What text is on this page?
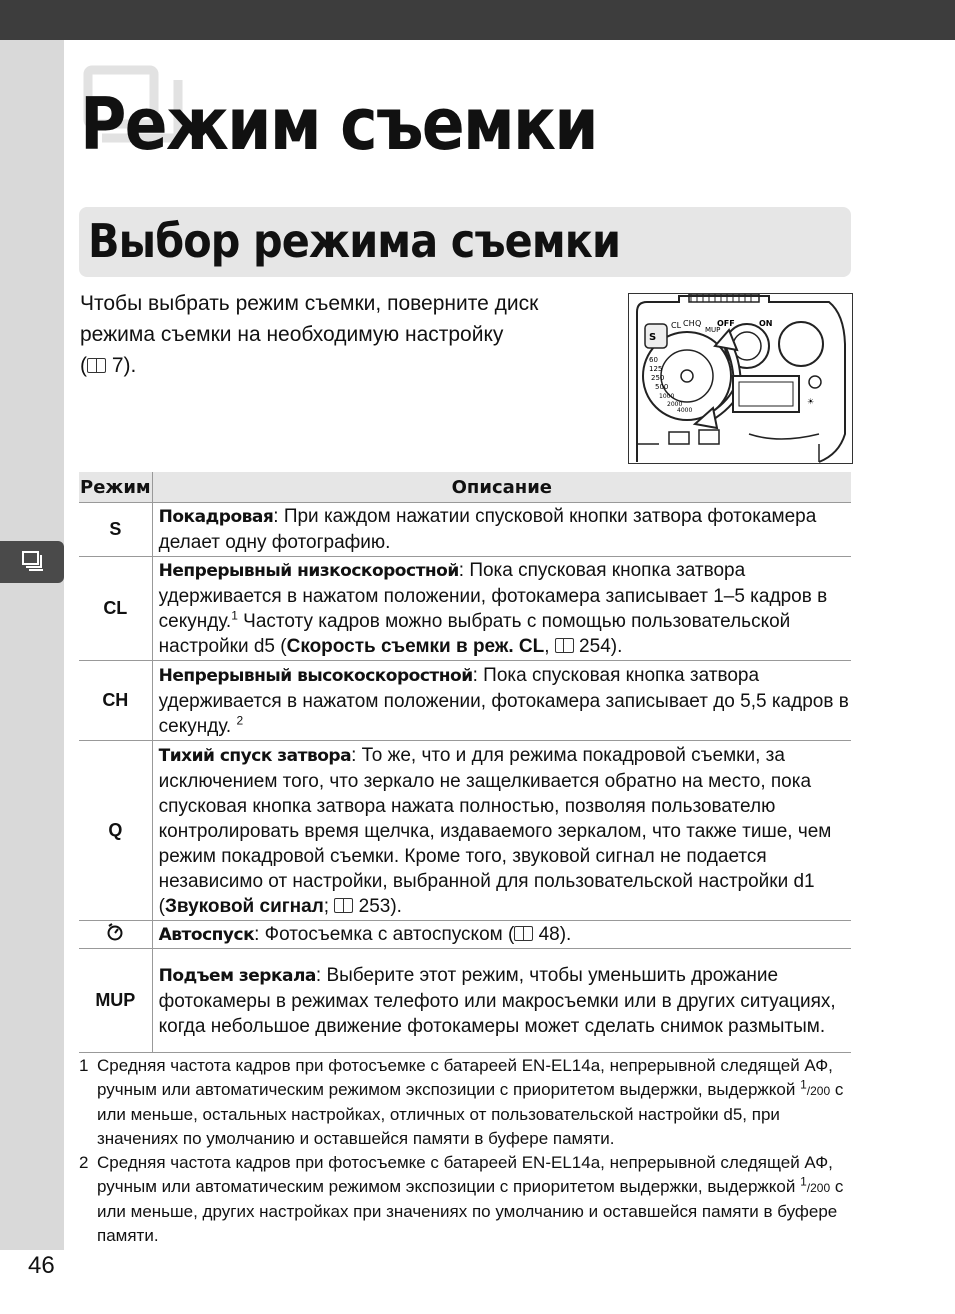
Режим съемки
Выбор режима съемки
Чтобы выбрать режим съемки, поверните диск режима съемки на необходимую настройку
( 7).
S
CL CH Q
MUP
60
125
250
500
1000
2000
4000
OFF	ON
☀
Режим	Описание
S	Покадровая: При каждом нажатии спусковой кнопки затвора фотокамера делает одну фотографию.
CL	Непрерывный низкоскоростной: Пока спусковая кнопка затвора удерживается в нажатом положении, фотокамера записывает 1–5 кадров в секунду.$^1$ Частоту кадров можно выбрать с помощью пользовательской настройки d5 (Скорость съемки в реж. CL,  254).
CH	Непрерывный высокоскоростной: Пока спусковая кнопка затвора удерживается в нажатом положении, фотокамера записывает до 5,5 кадров в секунду. $^2$
Q	Тихий спуск затвора: То же, что и для режима покадровой съемки, за исключением того, что зеркало не защелкивается обратно на место, пока спусковая кнопка затвора нажата полностью, позволяя пользователю контролировать время щелчка, издаваемого зеркалом, что также тише, чем режим покадровой съемки. Кроме того, звуковой сигнал не подается независимо от настройки, выбранной для пользовательской настройки d1 (Звуковой сигнал;  253).
	Автоспуск: Фотосъемка с автоспуском ( 48).
MUP	Подъем зеркала: Выберите этот режим, чтобы уменьшить дрожание фотокамеры в режимах телефото или макросъемки или в других ситуациях, когда небольшое движение фотокамеры может сделать снимок размытым.
1 Средняя частота кадров при фотосъемке с батареей EN-EL14a, непрерывной следящей АФ, ручным или автоматическим режимом экспозиции с приоритетом выдержки, выдержкой $^1$/200 с или меньше, остальных настройках, отличных от пользовательской настройки d5, при значениях по умолчанию и оставшейся памяти в буфере памяти.
2 Средняя частота кадров при фотосъемке с батареей EN-EL14a, непрерывной следящей АФ, ручным или автоматическим режимом экспозиции с приоритетом выдержки, выдержкой $^1$/200 с или меньше, других настройках при значениях по умолчанию и оставшейся памяти в буфере памяти.
46
